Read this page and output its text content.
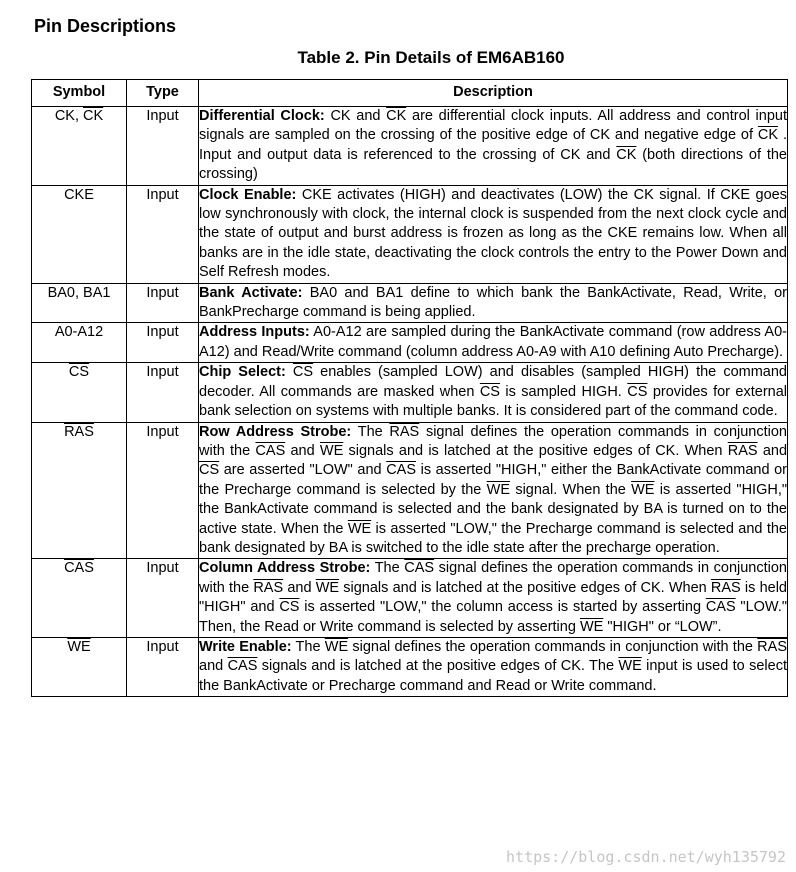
Pin Descriptions
Table 2. Pin Details of EM6AB160
Symbol	Type	Description
CK, $\overline{CK}$	Input	Differential Clock: CK and $\overline{CK}$ are differential clock inputs. All address and control input signals are sampled on the crossing of the positive edge of CK and negative edge of $\overline{CK}$ . Input and output data is referenced to the crossing of CK and $\overline{CK}$ (both directions of the crossing)
CKE	Input	Clock Enable: CKE activates (HIGH) and deactivates (LOW) the CK signal. If CKE goes low synchronously with clock, the internal clock is suspended from the next clock cycle and the state of output and burst address is frozen as long as the CKE remains low. When all banks are in the idle state, deactivating the clock controls the entry to the Power Down and Self Refresh modes.
BA0, BA1	Input	Bank Activate: BA0 and BA1 define to which bank the BankActivate, Read, Write, or BankPrecharge command is being applied.
A0-A12	Input	Address Inputs: A0-A12 are sampled during the BankActivate command (row address A0-A12) and Read/Write command (column address A0-A9 with A10 defining Auto Precharge).
$\overline{CS}$	Input	Chip Select: $\overline{CS}$ enables (sampled LOW) and disables (sampled HIGH) the command decoder. All commands are masked when $\overline{CS}$ is sampled HIGH. $\overline{CS}$ provides for external bank selection on systems with multiple banks. It is considered part of the command code.
$\overline{RAS}$	Input	Row Address Strobe: The $\overline{RAS}$ signal defines the operation commands in conjunction with the $\overline{CAS}$ and $\overline{WE}$ signals and is latched at the positive edges of CK. When $\overline{RAS}$ and $\overline{CS}$ are asserted "LOW" and $\overline{CAS}$ is asserted "HIGH," either the BankActivate command or the Precharge command is selected by the $\overline{WE}$ signal. When the $\overline{WE}$ is asserted "HIGH," the BankActivate command is selected and the bank designated by BA is turned on to the active state. When the $\overline{WE}$ is asserted "LOW," the Precharge command is selected and the bank designated by BA is switched to the idle state after the precharge operation.
$\overline{CAS}$	Input	Column Address Strobe: The $\overline{CAS}$ signal defines the operation commands in conjunction with the $\overline{RAS}$ and $\overline{WE}$ signals and is latched at the positive edges of CK. When $\overline{RAS}$ is held "HIGH" and $\overline{CS}$ is asserted "LOW," the column access is started by asserting $\overline{CAS}$ "LOW." Then, the Read or Write command is selected by asserting $\overline{WE}$ "HIGH" or “LOW”.
$\overline{WE}$	Input	Write Enable: The $\overline{WE}$ signal defines the operation commands in conjunction with the $\overline{RAS}$ and $\overline{CAS}$ signals and is latched at the positive edges of CK. The $\overline{WE}$ input is used to select the BankActivate or Precharge command and Read or Write command.
https://blog.csdn.net/wyh135792
